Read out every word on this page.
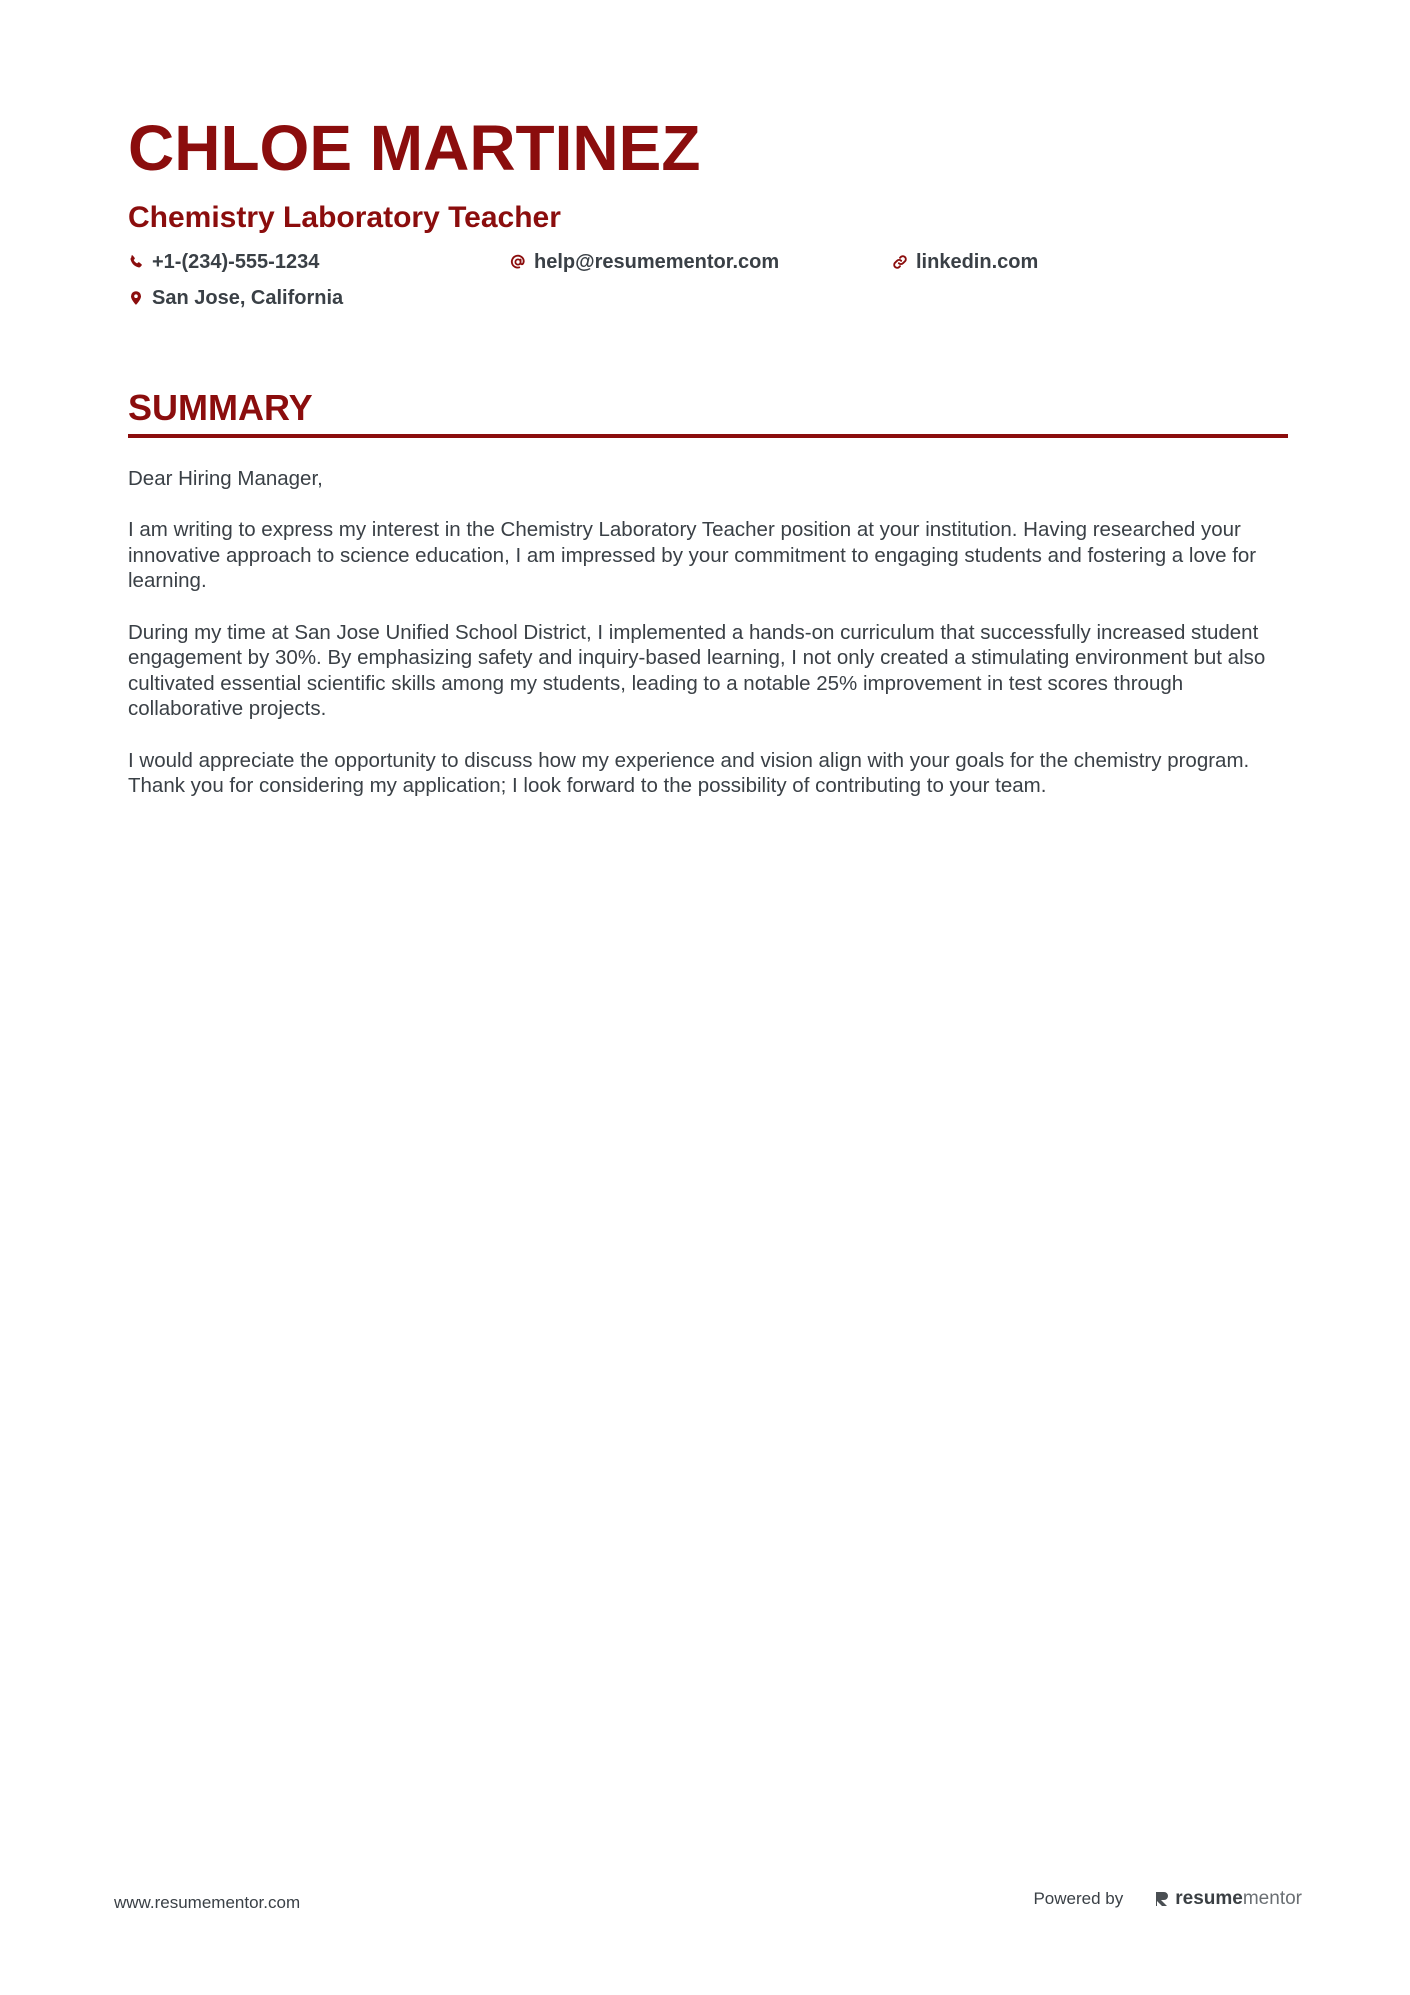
CHLOE MARTINEZ
Chemistry Laboratory Teacher
+1-(234)-555-1234	help@resumementor.com	linkedin.com
San Jose, California
SUMMARY

Dear Hiring Manager,

I am writing to express my interest in the Chemistry Laboratory Teacher position at your institution. Having researched your innovative approach to science education, I am impressed by your commitment to engaging students and fostering a love for learning.

During my time at San Jose Unified School District, I implemented a hands-on curriculum that successfully increased student engagement by 30%. By emphasizing safety and inquiry-based learning, I not only created a stimulating environment but also cultivated essential scientific skills among my students, leading to a notable 25% improvement in test scores through collaborative projects.

I would appreciate the opportunity to discuss how my experience and vision align with your goals for the chemistry program. Thank you for considering my application; I look forward to the possibility of contributing to your team.

www.resumementor.com	Powered by	resumementor
